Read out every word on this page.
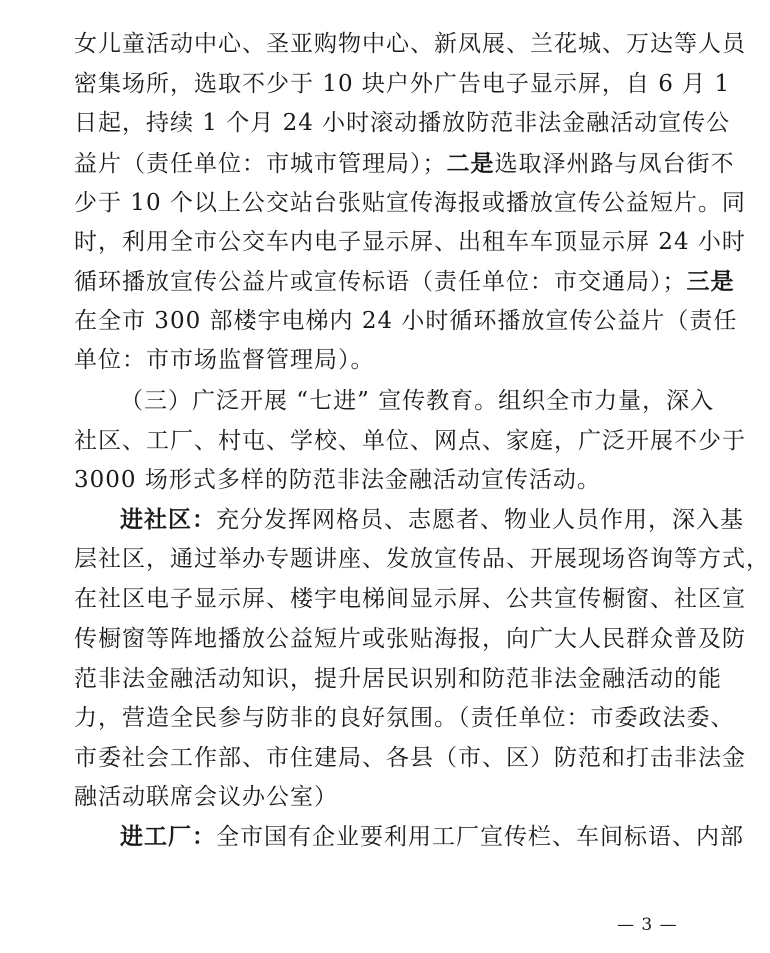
女儿童活动中心、圣亚购物中心、新凤展、兰花城、万达等人员
密集场所，选取不少于 10 块户外广告电子显示屏，自 6 月 1
日起，持续 1 个月 24 小时滚动播放防范非法金融活动宣传公
益片（责任单位：市城市管理局）；二是选取泽州路与凤台街不
少于 10 个以上公交站台张贴宣传海报或播放宣传公益短片。同
时，利用全市公交车内电子显示屏、出租车车顶显示屏 24 小时
循环播放宣传公益片或宣传标语（责任单位：市交通局）；三是
在全市 300 部楼宇电梯内 24 小时循环播放宣传公益片（责任
单位：市市场监督管理局）。
（三）广泛开展 “七进” 宣传教育。组织全市力量，深入
社区、工厂、村屯、学校、单位、网点、家庭，广泛开展不少于
3000 场形式多样的防范非法金融活动宣传活动。
进社区：充分发挥网格员、志愿者、物业人员作用，深入基
层社区，通过举办专题讲座、发放宣传品、开展现场咨询等方式，
在社区电子显示屏、楼宇电梯间显示屏、公共宣传橱窗、社区宣
传橱窗等阵地播放公益短片或张贴海报，向广大人民群众普及防
范非法金融活动知识，提升居民识别和防范非法金融活动的能
力，营造全民参与防非的良好氛围。（责任单位：市委政法委、
市委社会工作部、市住建局、各县（市、区）防范和打击非法金
融活动联席会议办公室）
进工厂：全市国有企业要利用工厂宣传栏、车间标语、内部
— 3 —
